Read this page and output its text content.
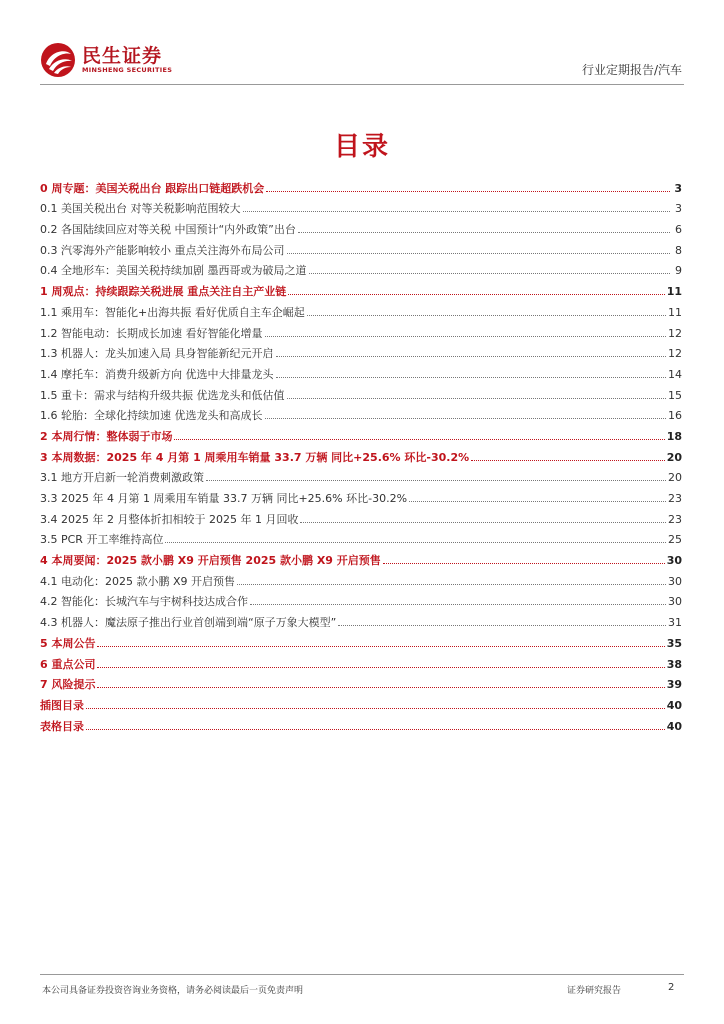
民生证券
MINSHENG SECURITIES	行业定期报告/汽车
目录
0 周专题：美国关税出台 跟踪出口链超跌机会	3
0.1 美国关税出台 对等关税影响范围较大	3
0.2 各国陆续回应对等关税 中国预计“内外政策”出台	6
0.3 汽零海外产能影响较小 重点关注海外布局公司	8
0.4 全地形车：美国关税持续加剧 墨西哥或为破局之道	9
1 周观点：持续跟踪关税进展 重点关注自主产业链	11
1.1 乘用车：智能化+出海共振 看好优质自主车企崛起	11
1.2 智能电动：长期成长加速 看好智能化增量	12
1.3 机器人：龙头加速入局 具身智能新纪元开启	12
1.4 摩托车：消费升级新方向 优选中大排量龙头	14
1.5 重卡：需求与结构升级共振 优选龙头和低估值	15
1.6 轮胎：全球化持续加速 优选龙头和高成长	16
2 本周行情：整体弱于市场	18
3 本周数据：2025 年 4 月第 1 周乘用车销量 33.7 万辆 同比+25.6% 环比-30.2%	20
3.1 地方开启新一轮消费刺激政策	20
3.3 2025 年 4 月第 1 周乘用车销量 33.7 万辆 同比+25.6% 环比-30.2%	23
3.4 2025 年 2 月整体折扣相较于 2025 年 1 月回收	23
3.5 PCR 开工率维持高位	25
4 本周要闻：2025 款小鹏 X9 开启预售 2025 款小鹏 X9 开启预售	30
4.1 电动化：2025 款小鹏 X9 开启预售	30
4.2 智能化：长城汽车与宇树科技达成合作	30
4.3 机器人：魔法原子推出行业首创端到端“原子万象大模型”	31
5 本周公告	35
6 重点公司	38
7 风险提示	39
插图目录	40
表格目录	40
本公司具备证券投资咨询业务资格，请务必阅读最后一页免责声明	证券研究报告	2
